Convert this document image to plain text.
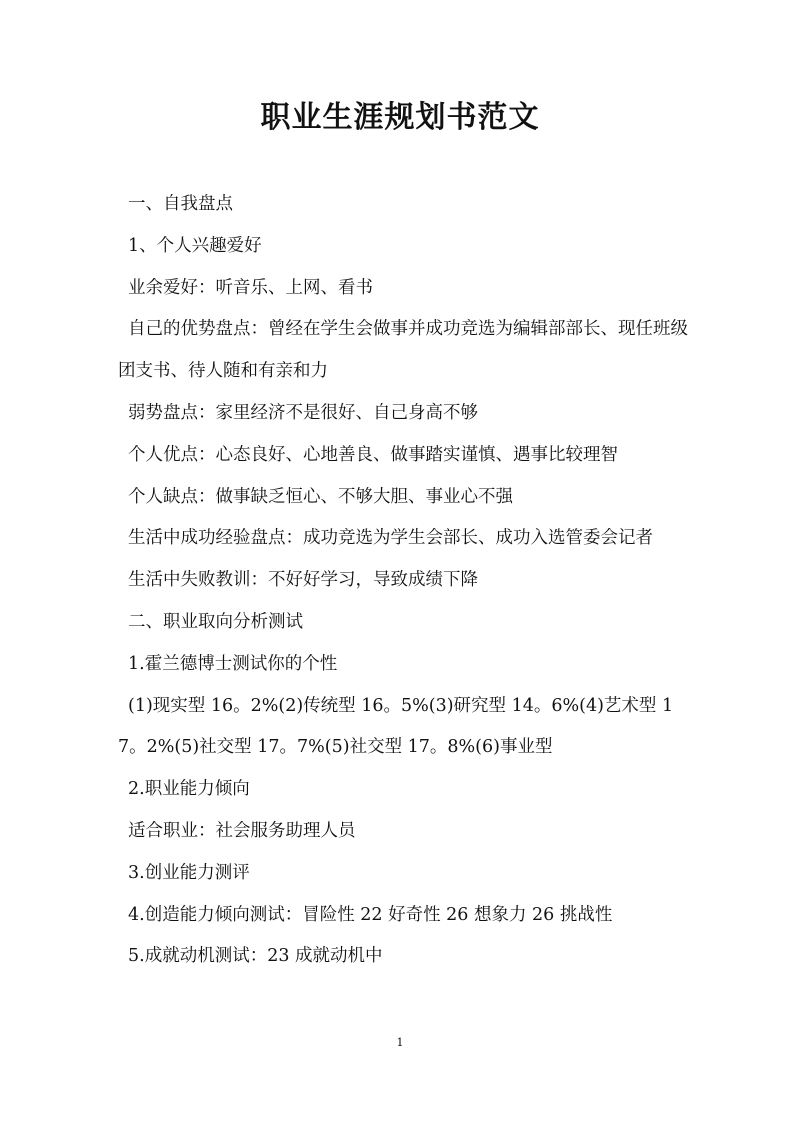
职业生涯规划书范文

一、自我盘点

1、个人兴趣爱好

业余爱好：听音乐、上网、看书

自己的优势盘点：曾经在学生会做事并成功竞选为编辑部部长、现任班级团支书、待人随和有亲和力

弱势盘点：家里经济不是很好、自己身高不够

个人优点：心态良好、心地善良、做事踏实谨慎、遇事比较理智

个人缺点：做事缺乏恒心、不够大胆、事业心不强

生活中成功经验盘点：成功竞选为学生会部长、成功入选管委会记者

生活中失败教训：不好好学习，导致成绩下降

二、职业取向分析测试

1.霍兰德博士测试你的个性

(1)现实型 16。2%(2)传统型 16。5%(3)研究型 14。6%(4)艺术型 17。2%(5)社交型 17。7%(5)社交型 17。8%(6)事业型

2.职业能力倾向

适合职业：社会服务助理人员

3.创业能力测评

4.创造能力倾向测试：冒险性 22 好奇性 26 想象力 26 挑战性

5.成就动机测试：23 成就动机中

1
